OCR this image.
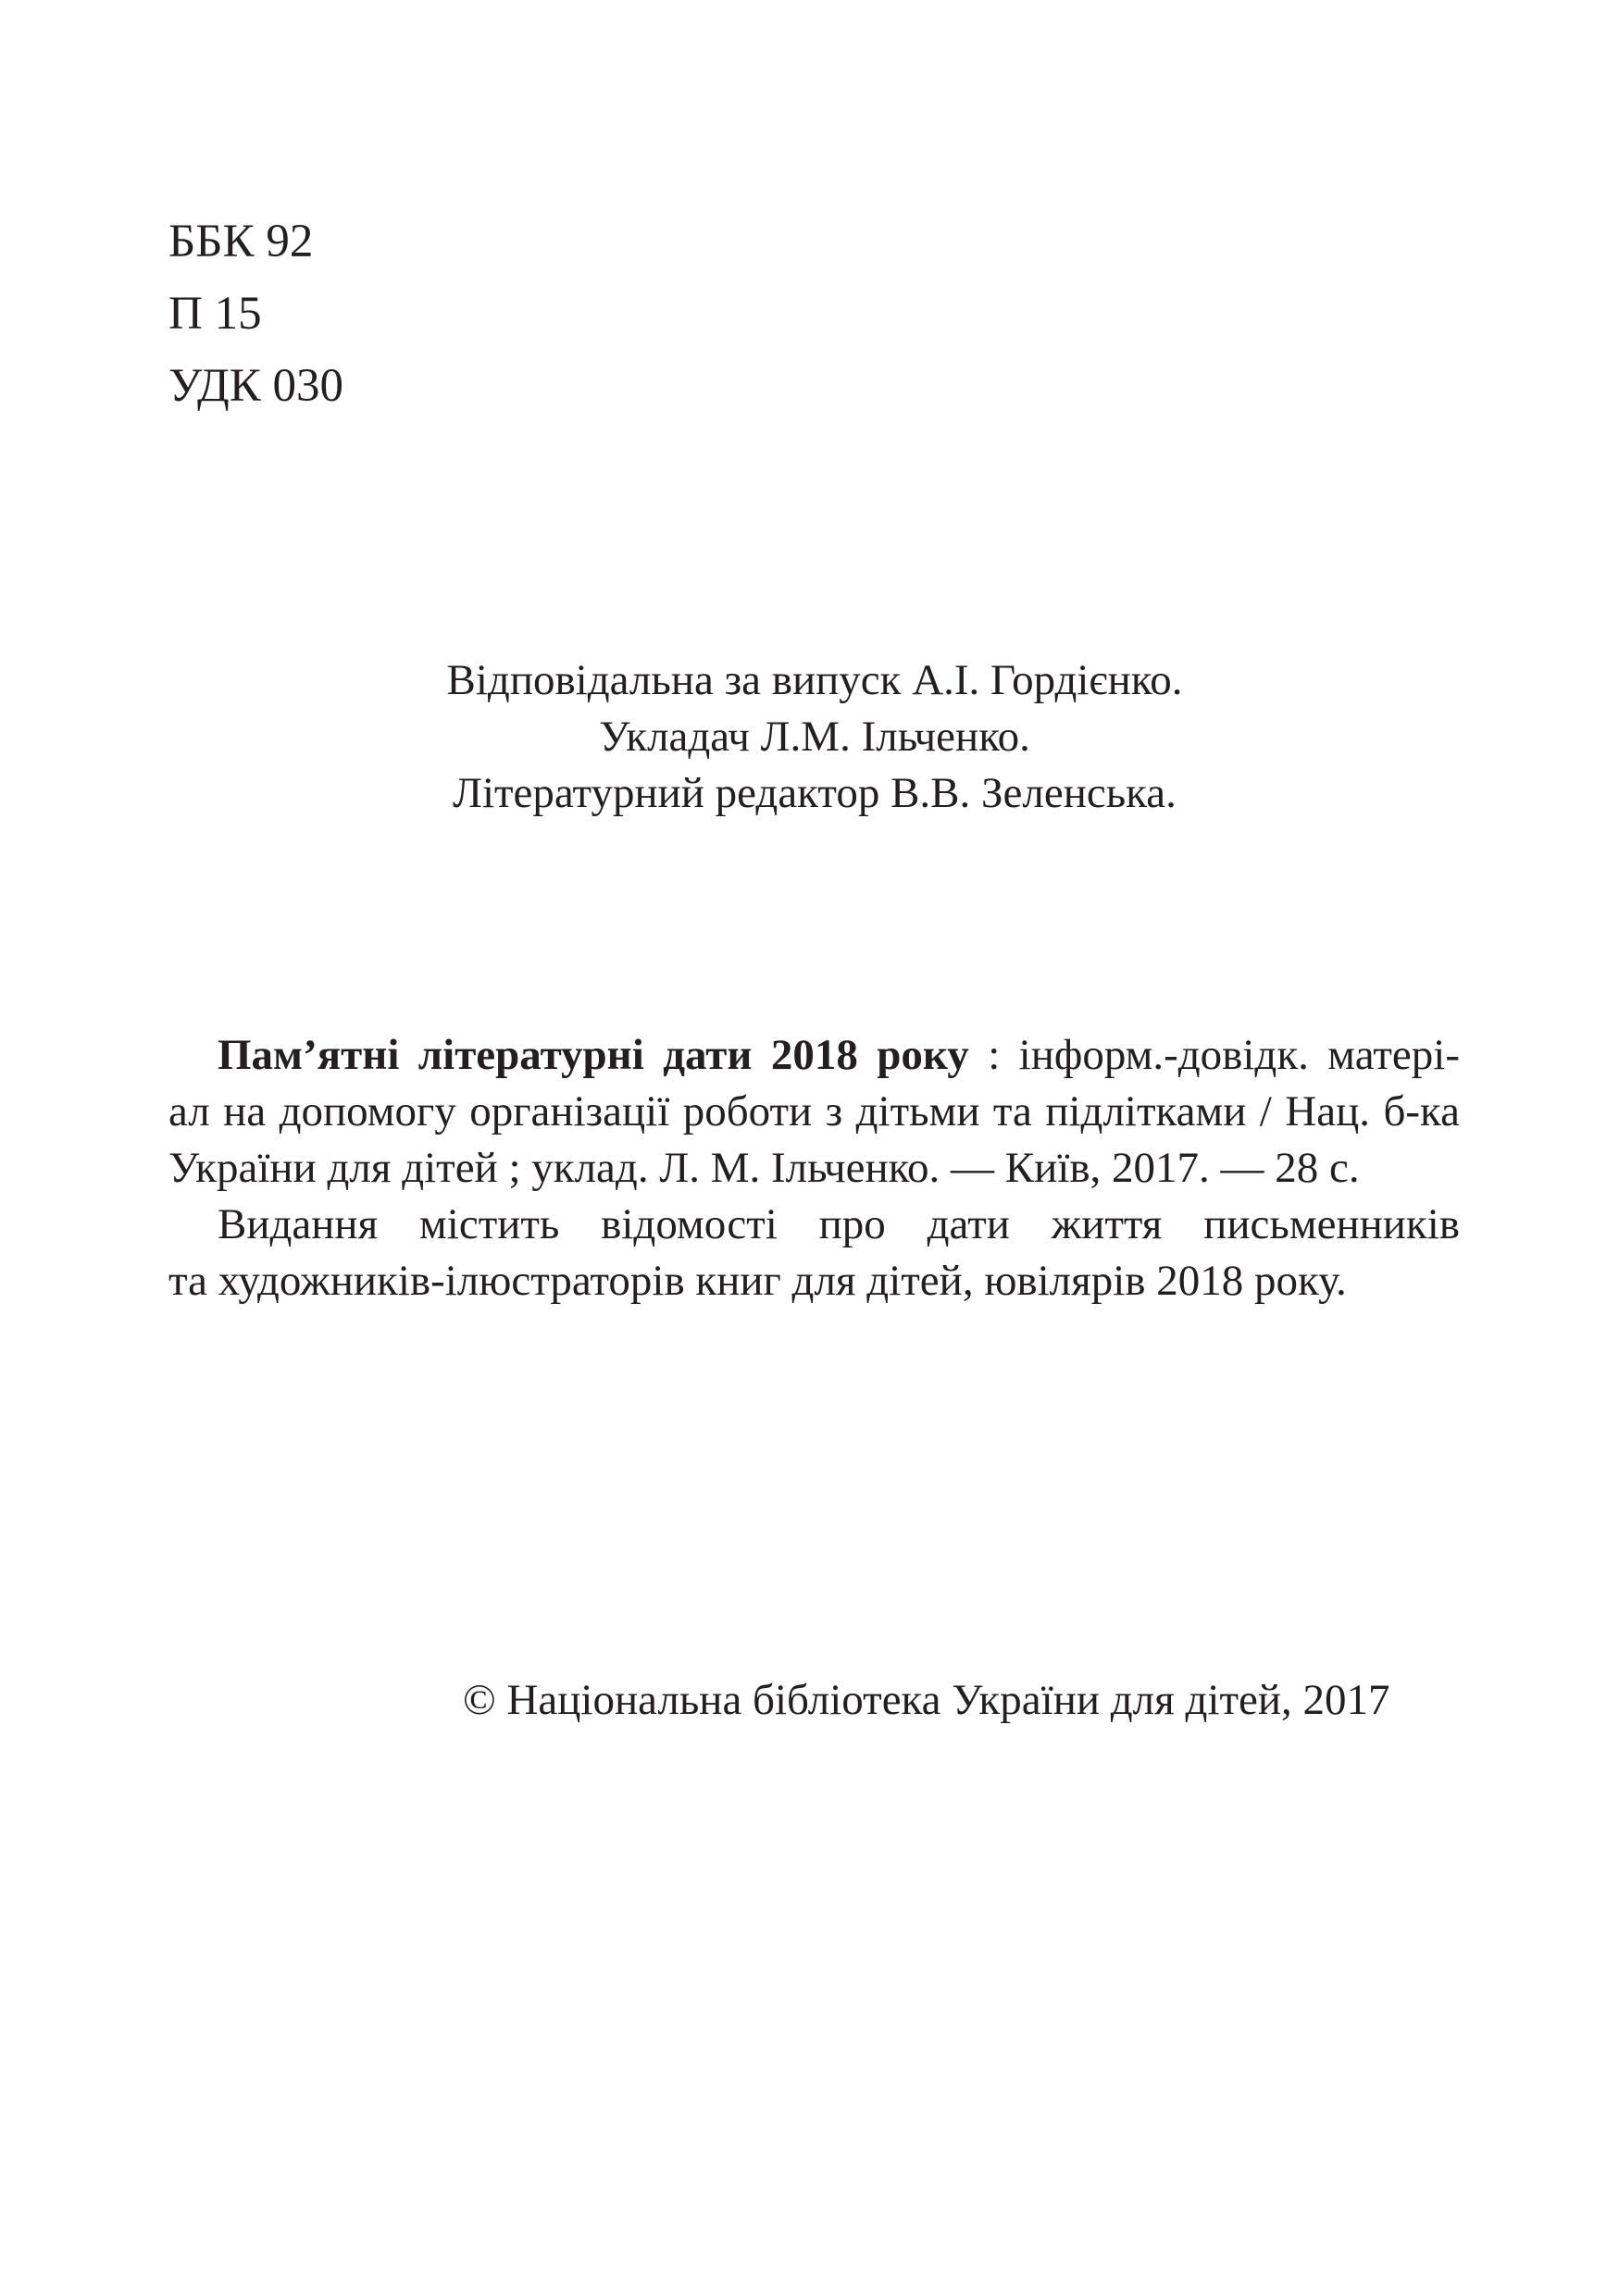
ББК 92
П 15
УДК 030
Відповідальна за випуск А.І. Гордієнко.
Укладач Л.М. Ільченко.
Літературний редактор В.В. Зеленська.
Пам’ятні літературні дати 2018 року : інформ.-довідк. матері-
ал на допомогу організації роботи з дітьми та підлітками / Нац. б-ка
України для дітей ; уклад. Л. М. Ільченко. — Київ, 2017. — 28 с.
Видання містить відомості про дати життя письменників
та художників-ілюстраторів книг для дітей, ювілярів 2018 року.
© Національна бібліотека України для дітей, 2017
